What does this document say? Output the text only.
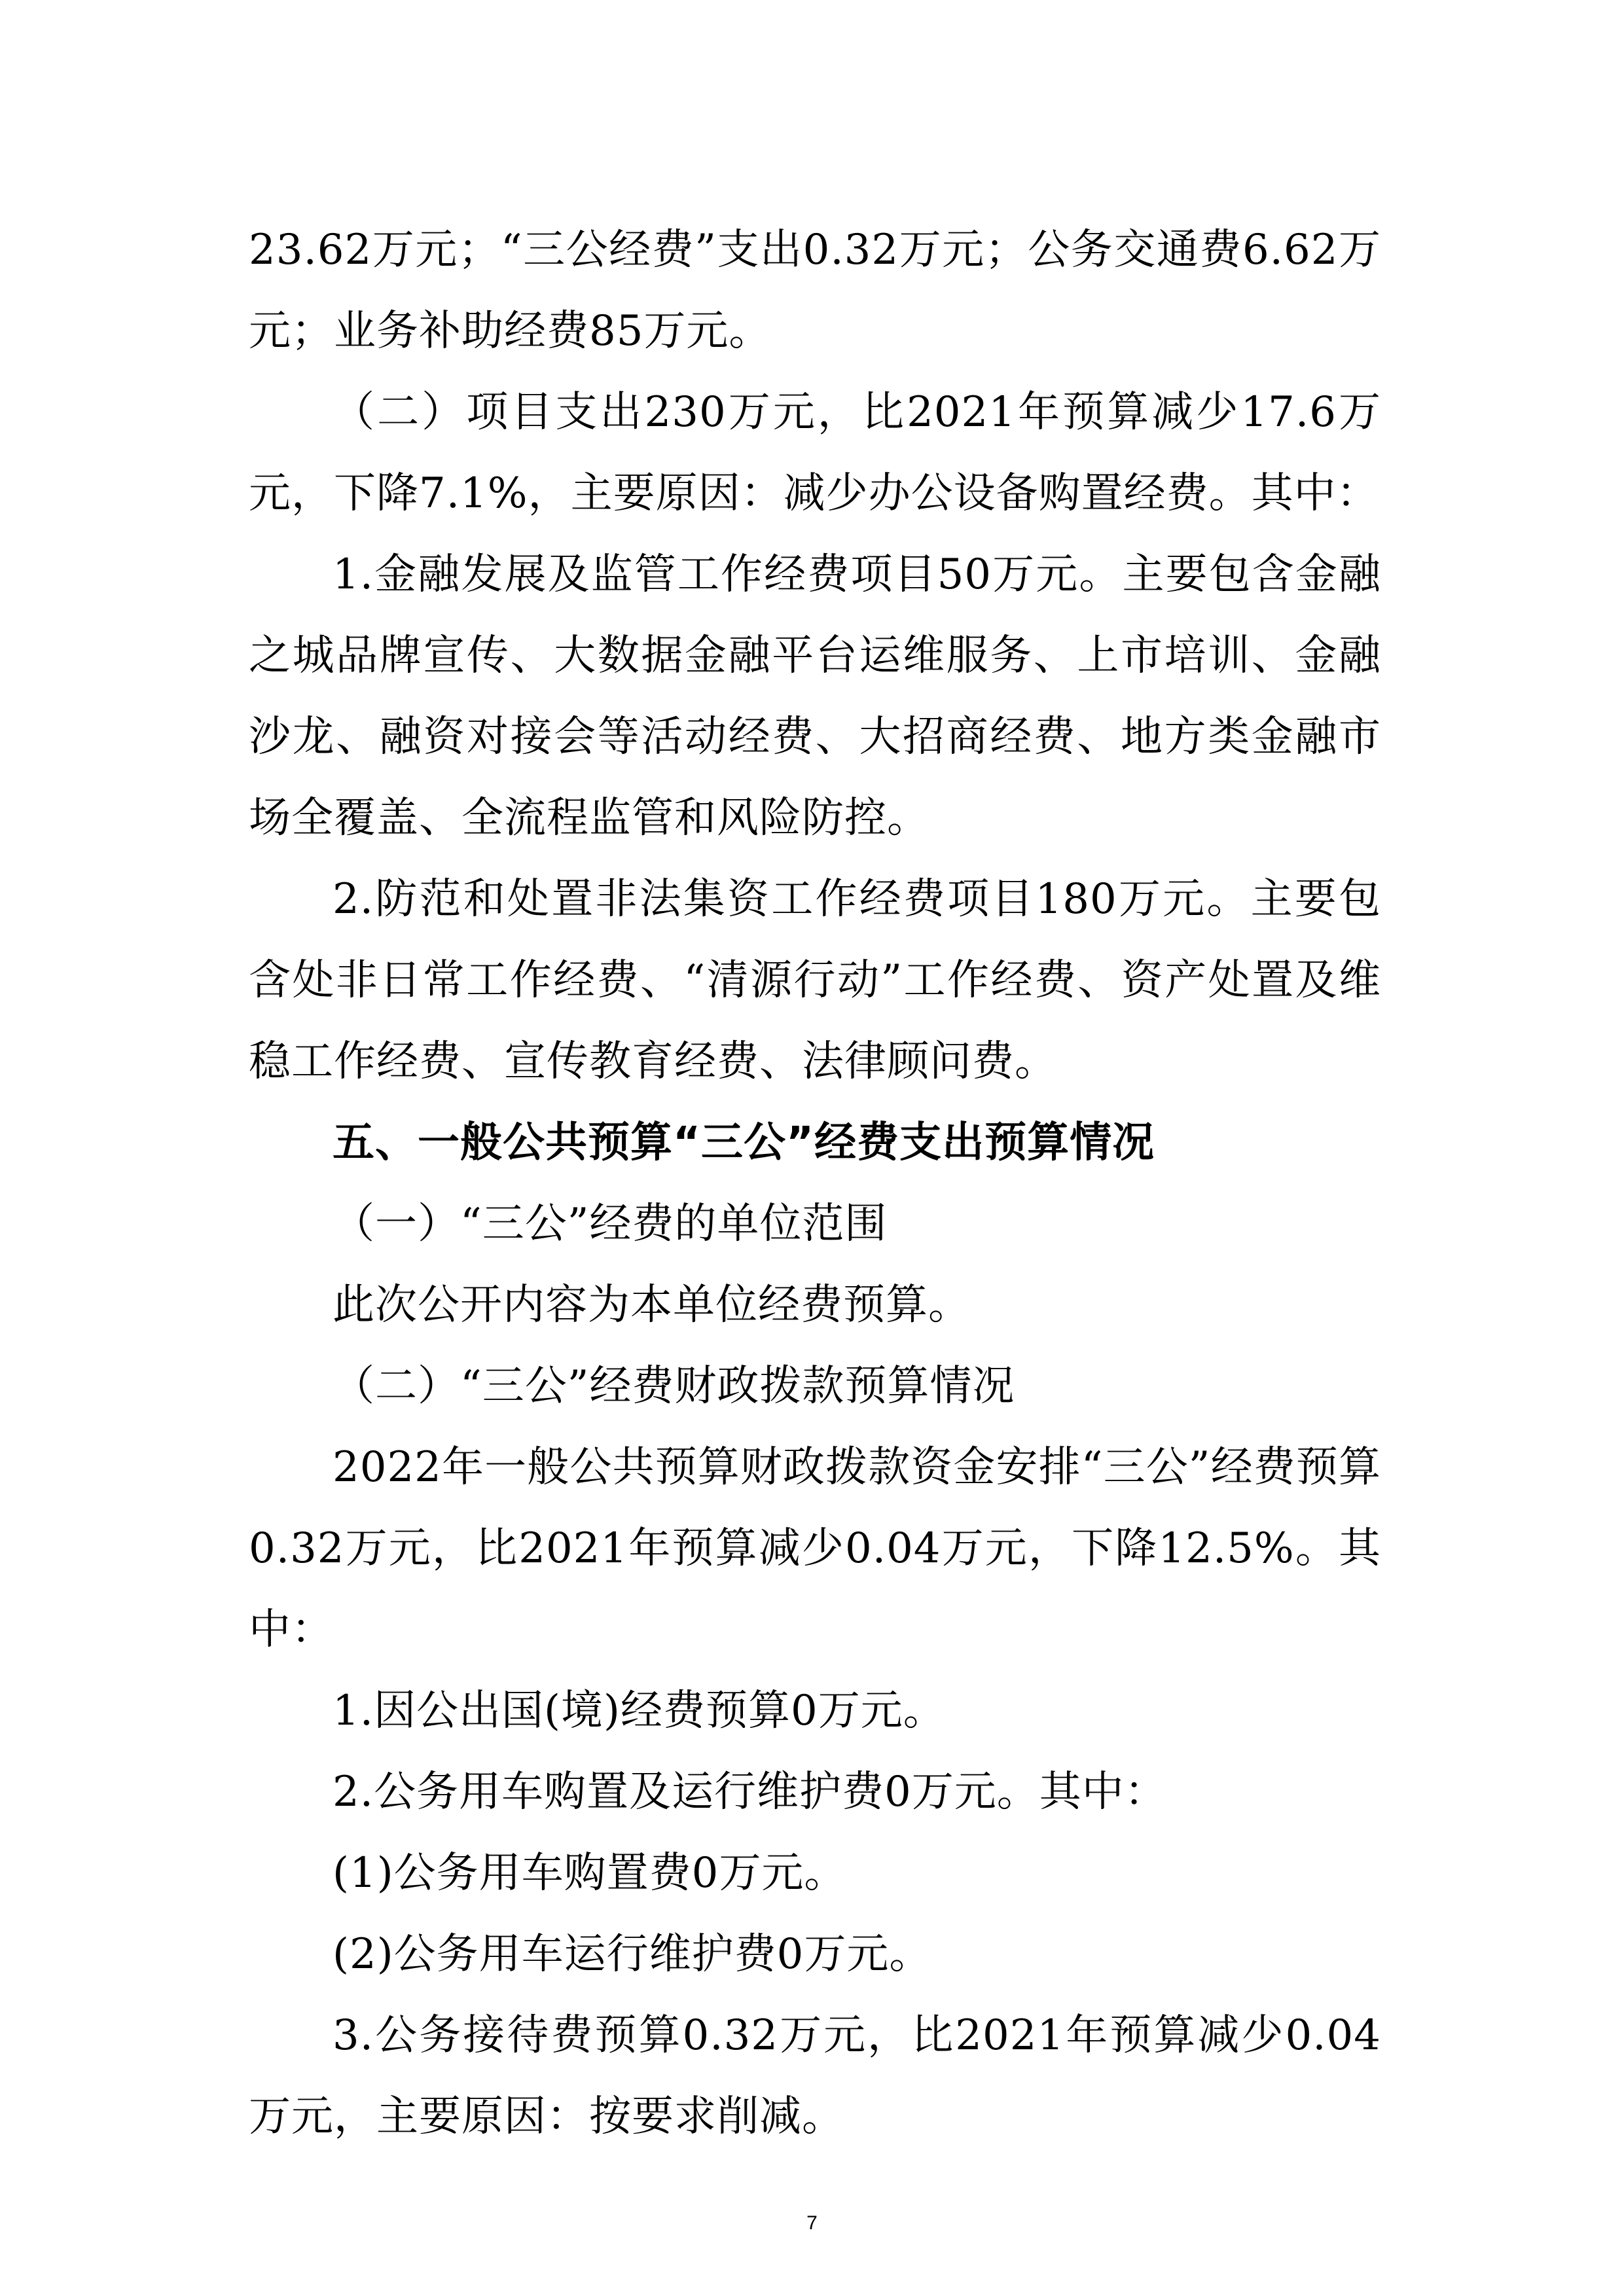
23.62万元；“三公经费”支出0.32万元；公务交通费6.62万元；业务补助经费85万元。

（二）项目支出230万元，比2021年预算减少17.6万元，下降7.1%，主要原因：减少办公设备购置经费。其中：

1.金融发展及监管工作经费项目50万元。主要包含金融之城品牌宣传、大数据金融平台运维服务、上市培训、金融沙龙、融资对接会等活动经费、大招商经费、地方类金融市场全覆盖、全流程监管和风险防控。

2.防范和处置非法集资工作经费项目180万元。主要包含处非日常工作经费、“清源行动”工作经费、资产处置及维稳工作经费、宣传教育经费、法律顾问费。

五、一般公共预算“三公”经费支出预算情况

（一）“三公”经费的单位范围

此次公开内容为本单位经费预算。

（二）“三公”经费财政拨款预算情况

2022年一般公共预算财政拨款资金安排“三公”经费预算0.32万元，比2021年预算减少0.04万元，下降12.5%。其中：

1.因公出国(境)经费预算0万元。

2.公务用车购置及运行维护费0万元。其中：

(1)公务用车购置费0万元。

(2)公务用车运行维护费0万元。

3.公务接待费预算0.32万元，比2021年预算减少0.04万元，主要原因：按要求削减。

7
